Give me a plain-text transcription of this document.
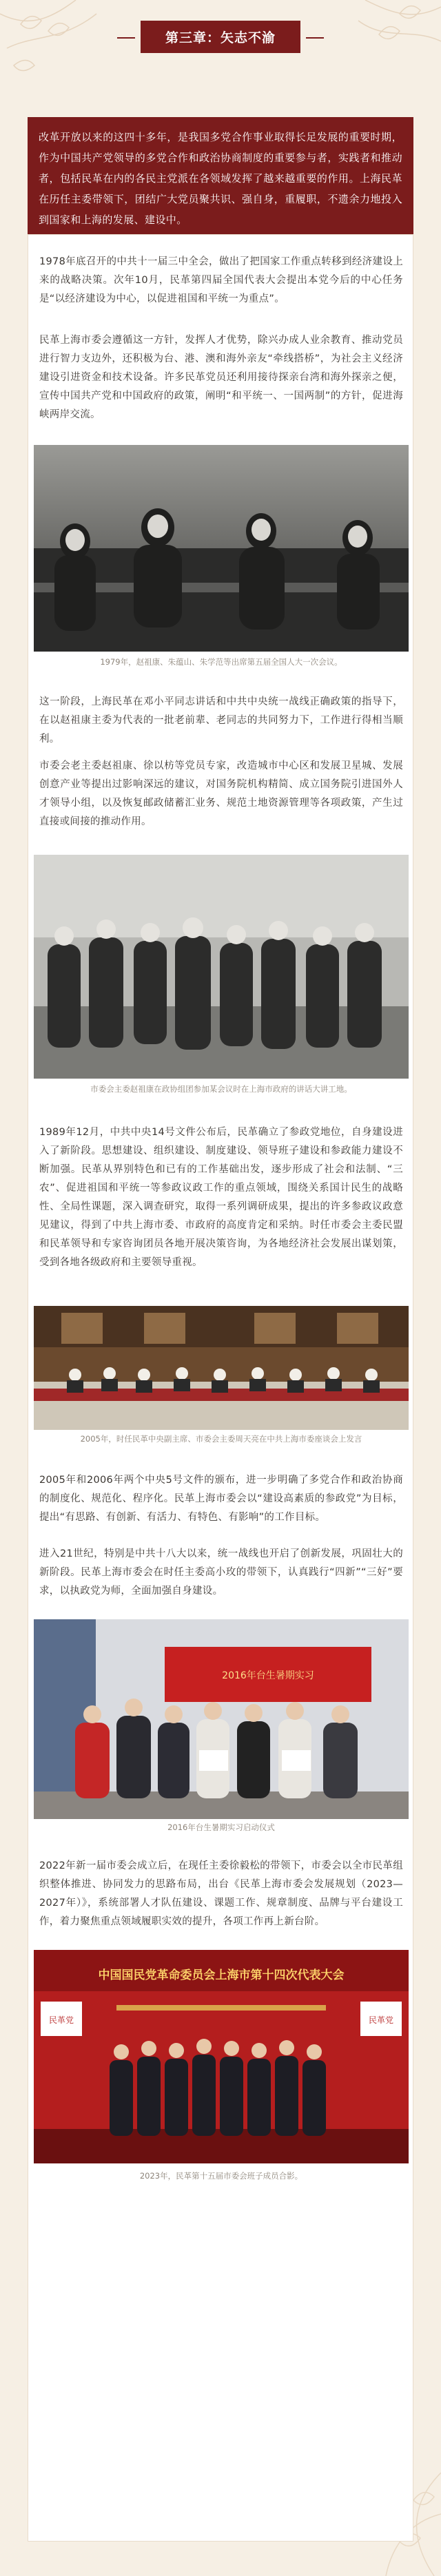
第三章：矢志不渝
改革开放以来的这四十多年，是我国多党合作事业取得长足发展的重要时期，作为中国共产党领导的多党合作和政治协商制度的重要参与者，实践者和推动者，包括民革在内的各民主党派在各领域发挥了越来越重要的作用。上海民革在历任主委带领下，团结广大党员聚共识、强自身，重履职，不遗余力地投入到国家和上海的发展、建设中。

1978年底召开的中共十一届三中全会，做出了把国家工作重点转移到经济建设上来的战略决策。次年10月，民革第四届全国代表大会提出本党今后的中心任务是“以经济建设为中心，以促进祖国和平统一为重点”。

民革上海市委会遵循这一方针，发挥人才优势，除兴办成人业余教育、推动党员进行智力支边外，还积极为台、港、澳和海外亲友“牵线搭桥”，为社会主义经济建设引进资金和技术设备。许多民革党员还利用接待探亲台湾和海外探亲之便，宣传中国共产党和中国政府的政策，阐明“和平统一、一国两制”的方针，促进海峡两岸交流。

1979年，赵祖康、朱蕴山、朱学范等出席第五届全国人大一次会议。

这一阶段，上海民革在邓小平同志讲话和中共中央统一战线正确政策的指导下，在以赵祖康主委为代表的一批老前辈、老同志的共同努力下，工作进行得相当顺利。

市委会老主委赵祖康、徐以枋等党员专家，改造城市中心区和发展卫星城、发展创意产业等提出过影响深远的建议，对国务院机构精简、成立国务院引进国外人才领导小组，以及恢复邮政储蓄汇业务、规范土地资源管理等各项政策，产生过直接或间接的推动作用。

市委会主委赵祖康在政协组团参加某会议时在上海市政府的讲话大讲工地。

1989年12月，中共中央14号文件公布后，民革确立了参政党地位，自身建设进入了新阶段。思想建设、组织建设、制度建设、领导班子建设和参政能力建设不断加强。民革从界别特色和已有的工作基础出发，逐步形成了社会和法制、“三农”、促进祖国和平统一等参政议政工作的重点领域，围绕关系国计民生的战略性、全局性课题，深入调查研究，取得一系列调研成果，提出的许多参政议政意见建议，得到了中共上海市委、市政府的高度肯定和采纳。时任市委会主委民盟和民革领导和专家咨询团员各地开展决策咨询，为各地经济社会发展出谋划策，受到各地各级政府和主要领导重视。

2005年，时任民革中央副主席、市委会主委周天亮在中共上海市委座谈会上发言

2005年和2006年两个中央5号文件的颁布，进一步明确了多党合作和政治协商的制度化、规范化、程序化。民革上海市委会以“建设高素质的参政党”为目标，提出“有思路、有创新、有活力、有特色、有影响”的工作目标。

进入21世纪，特别是中共十八大以来，统一战线也开启了创新发展，巩固壮大的新阶段。民革上海市委会在时任主委高小玫的带领下，认真践行“四新”“三好”要求，以执政党为师，全面加强自身建设。

2016年台生暑期实习

2016年台生暑期实习启动仪式

2022年新一届市委会成立后，在现任主委徐毅松的带领下，市委会以全市民革组织整体推进、协同发力的思路布局，出台《民革上海市委会发展规划（2023—2027年）》，系统部署人才队伍建设、课题工作、规章制度、品牌与平台建设工作，着力聚焦重点领域履职实效的提升，各项工作再上新台阶。

中国国民党革命委员会上海市第十四次代表大会
民革党	民革党

2023年，民革第十五届市委会班子成员合影。
